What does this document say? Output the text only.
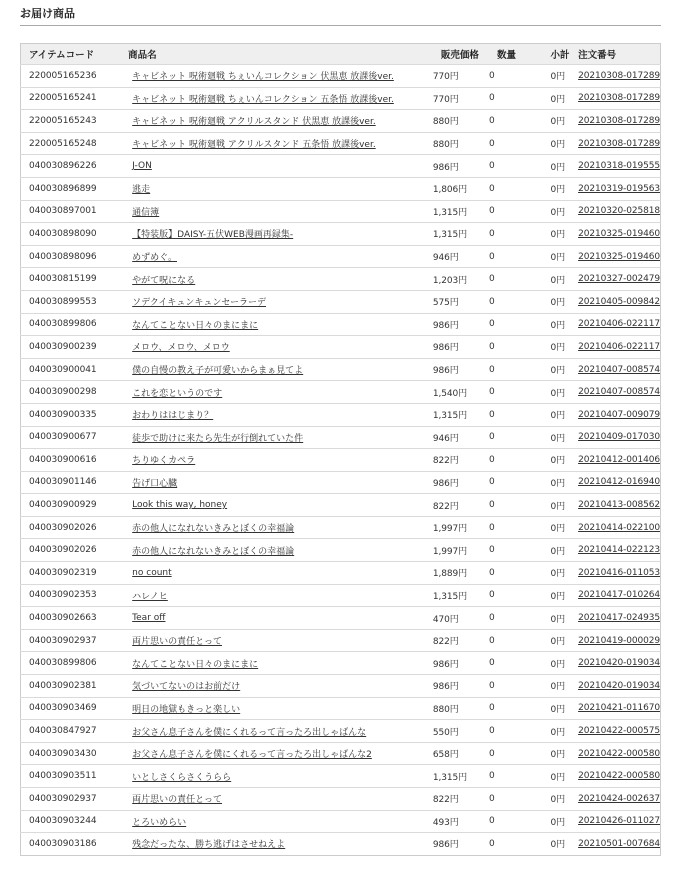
お届け商品
アイテムコード	商品名	販売価格	数量	小計	注文番号
220005165236	キャビネット 呪術廻戦 ちぇいんコレクション 伏黒恵 放課後ver.	770円	0	0円	20210308-017289
220005165241	キャビネット 呪術廻戦 ちぇいんコレクション 五条悟 放課後ver.	770円	0	0円	20210308-017289
220005165243	キャビネット 呪術廻戦 アクリルスタンド 伏黒恵 放課後ver.	880円	0	0円	20210308-017289
220005165248	キャビネット 呪術廻戦 アクリルスタンド 五条悟 放課後ver.	880円	0	0円	20210308-017289
040030896226	J-ON	986円	0	0円	20210318-019555
040030896899	逃走	1,806円	0	0円	20210319-019563
040030897001	通信簿	1,315円	0	0円	20210320-025818
040030898090	【特装版】DAISY-五伏WEB漫画再録集-	1,315円	0	0円	20210325-019460
040030898096	めずめぐ。	946円	0	0円	20210325-019460
040030815199	やがて呪になる	1,203円	0	0円	20210327-002479
040030899553	ソデクイキュンキュンセーラーデ	575円	0	0円	20210405-009842
040030899806	なんてことない日々のまにまに	986円	0	0円	20210406-022117
040030900239	メロウ、メロウ、メロウ	986円	0	0円	20210406-022117
040030900041	僕の自慢の教え子が可愛いからまぁ見てよ	986円	0	0円	20210407-008574
040030900298	これを恋というのです	1,540円	0	0円	20210407-008574
040030900335	おわりははじまり？	1,315円	0	0円	20210407-009079
040030900677	徒歩で助けに来たら先生が行倒れていた件	946円	0	0円	20210409-017030
040030900616	ちりゆくカペラ	822円	0	0円	20210412-001406
040030901146	告げ口心臓	986円	0	0円	20210412-016940
040030900929	Look this way, honey	822円	0	0円	20210413-008562
040030902026	赤の他人になれないきみとぼくの幸福論	1,997円	0	0円	20210414-022100
040030902026	赤の他人になれないきみとぼくの幸福論	1,997円	0	0円	20210414-022123
040030902319	no count	1,889円	0	0円	20210416-011053
040030902353	ハレノヒ	1,315円	0	0円	20210417-010264
040030902663	Tear off	470円	0	0円	20210417-024935
040030902937	両片思いの責任とって	822円	0	0円	20210419-000029
040030899806	なんてことない日々のまにまに	986円	0	0円	20210420-019034
040030902381	気づいてないのはお前だけ	986円	0	0円	20210420-019034
040030903469	明日の地獄もきっと楽しい	880円	0	0円	20210421-011670
040030847927	お父さん息子さんを僕にくれるって言ったろ出しゃばんな	550円	0	0円	20210422-000575
040030903430	お父さん息子さんを僕にくれるって言ったろ出しゃばんな2	658円	0	0円	20210422-000580
040030903511	いとしさくらさくうらら	1,315円	0	0円	20210422-000580
040030902937	両片思いの責任とって	822円	0	0円	20210424-002637
040030903244	とろいめらい	493円	0	0円	20210426-011027
040030903186	残念だったな、勝ち逃げはさせねえよ	986円	0	0円	20210501-007684
